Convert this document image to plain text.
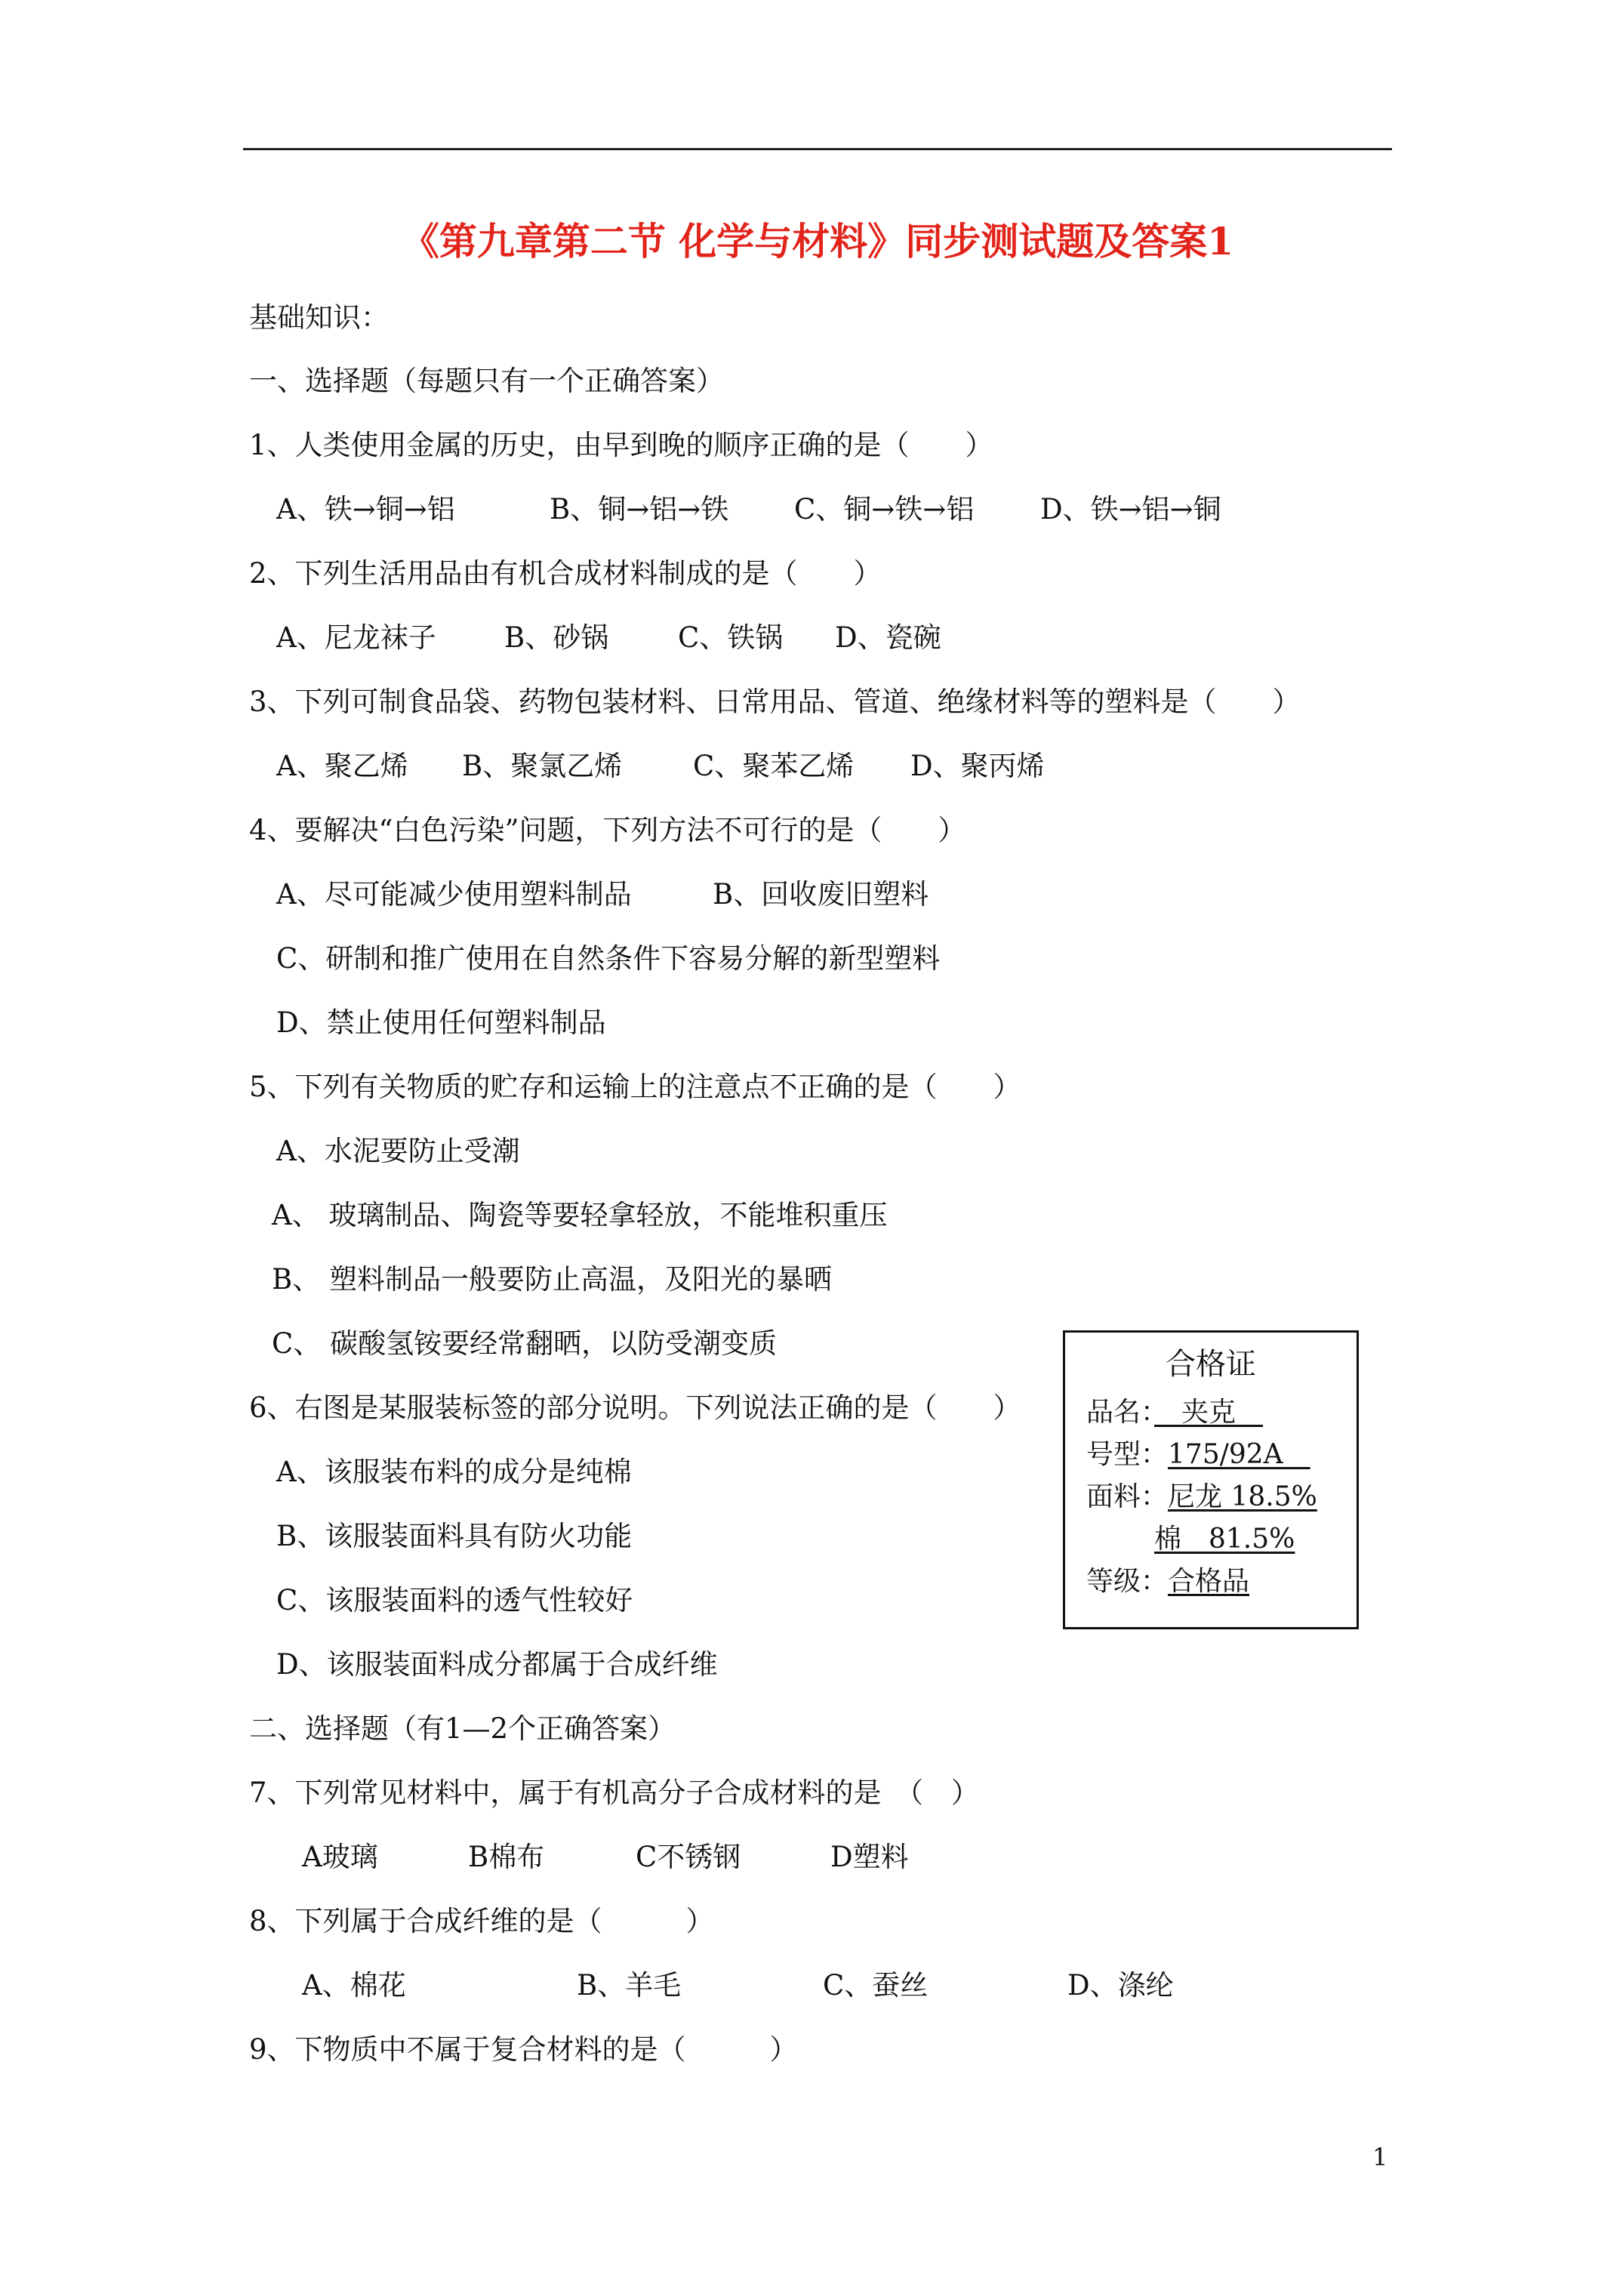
《第九章第二节 化学与材料》同步测试题及答案1
基础知识：
一、选择题（每题只有一个正确答案）
1、人类使用金属的历史，由早到晚的顺序正确的是（　　）
A、铁→铜→铝	B、铜→铝→铁 C、铜→铁→铝 D、铁→铝→铜
2、下列生活用品由有机合成材料制成的是（　　）
A、尼龙袜子 B、砂锅 C、铁锅 D、瓷碗
3、下列可制食品袋、药物包装材料、日常用品、管道、绝缘材料等的塑料是（　　）
A、聚乙烯 B、聚氯乙烯	C、聚苯乙烯 D、聚丙烯
4、要解决“白色污染”问题，下列方法不可行的是（　　）
A、尽可能减少使用塑料制品	B、回收废旧塑料
C、研制和推广使用在自然条件下容易分解的新型塑料
D、禁止使用任何塑料制品
5、下列有关物质的贮存和运输上的注意点不正确的是（　　）
A、水泥要防止受潮
A、 玻璃制品、陶瓷等要轻拿轻放，不能堆积重压
B、 塑料制品一般要防止高温，及阳光的暴晒
C、 碳酸氢铵要经常翻晒，以防受潮变质
6、右图是某服装标签的部分说明。下列说法正确的是（　　）
A、该服装布料的成分是纯棉
B、该服装面料具有防火功能
C、该服装面料的透气性较好
D、该服装面料成分都属于合成纤维
合格证
品名：　夹克　
号型：175/92A　
面料：尼龙 18.5%
棉　81.5%
等级：合格品
二、选择题（有1—2个正确答案）
7、下列常见材料中，属于有机高分子合成材料的是　（　）
A玻璃	B棉布	C不锈钢	D塑料
8、下列属于合成纤维的是（　　　）
A、棉花	B、羊毛	C、蚕丝	D、涤纶
9、下物质中不属于复合材料的是（　　　）
1
